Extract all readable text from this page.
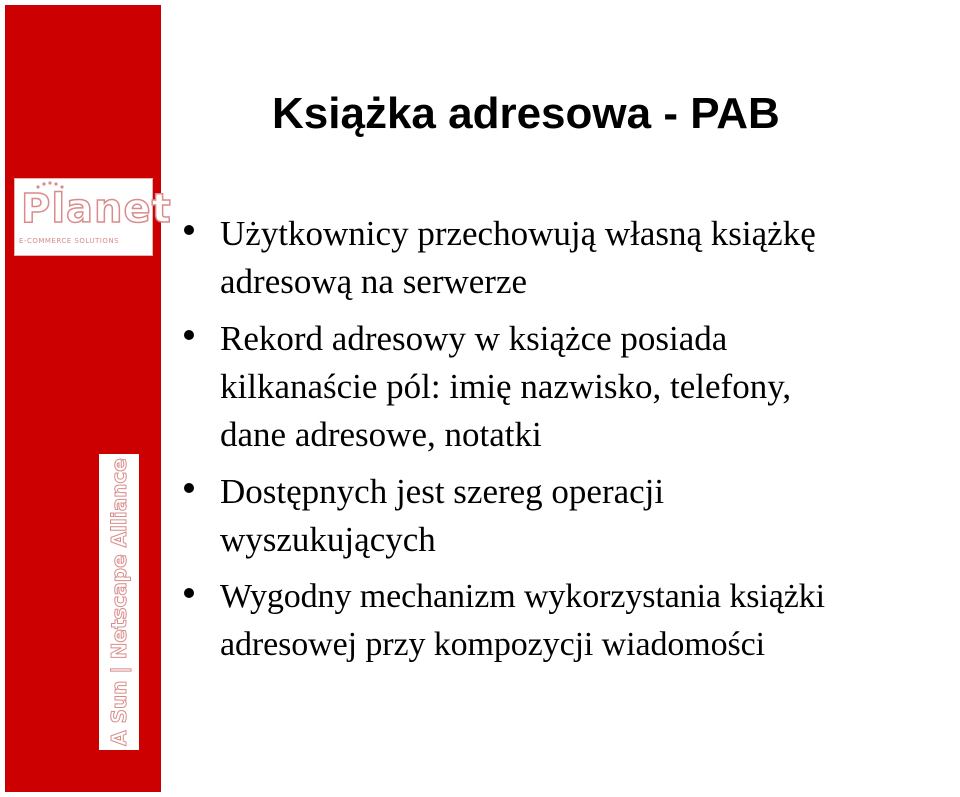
Planet
E-COMMERCE SOLUTIONS
A Sun | Netscape Alliance
Książka adresowa - PAB
Użytkownicy przechowują własną książkę
adresową na serwerze
Rekord adresowy w książce posiada
kilkanaście pól: imię nazwisko, telefony,
dane adresowe, notatki
Dostępnych jest szereg operacji
wyszukujących
Wygodny mechanizm wykorzystania książki
adresowej przy kompozycji wiadomości
